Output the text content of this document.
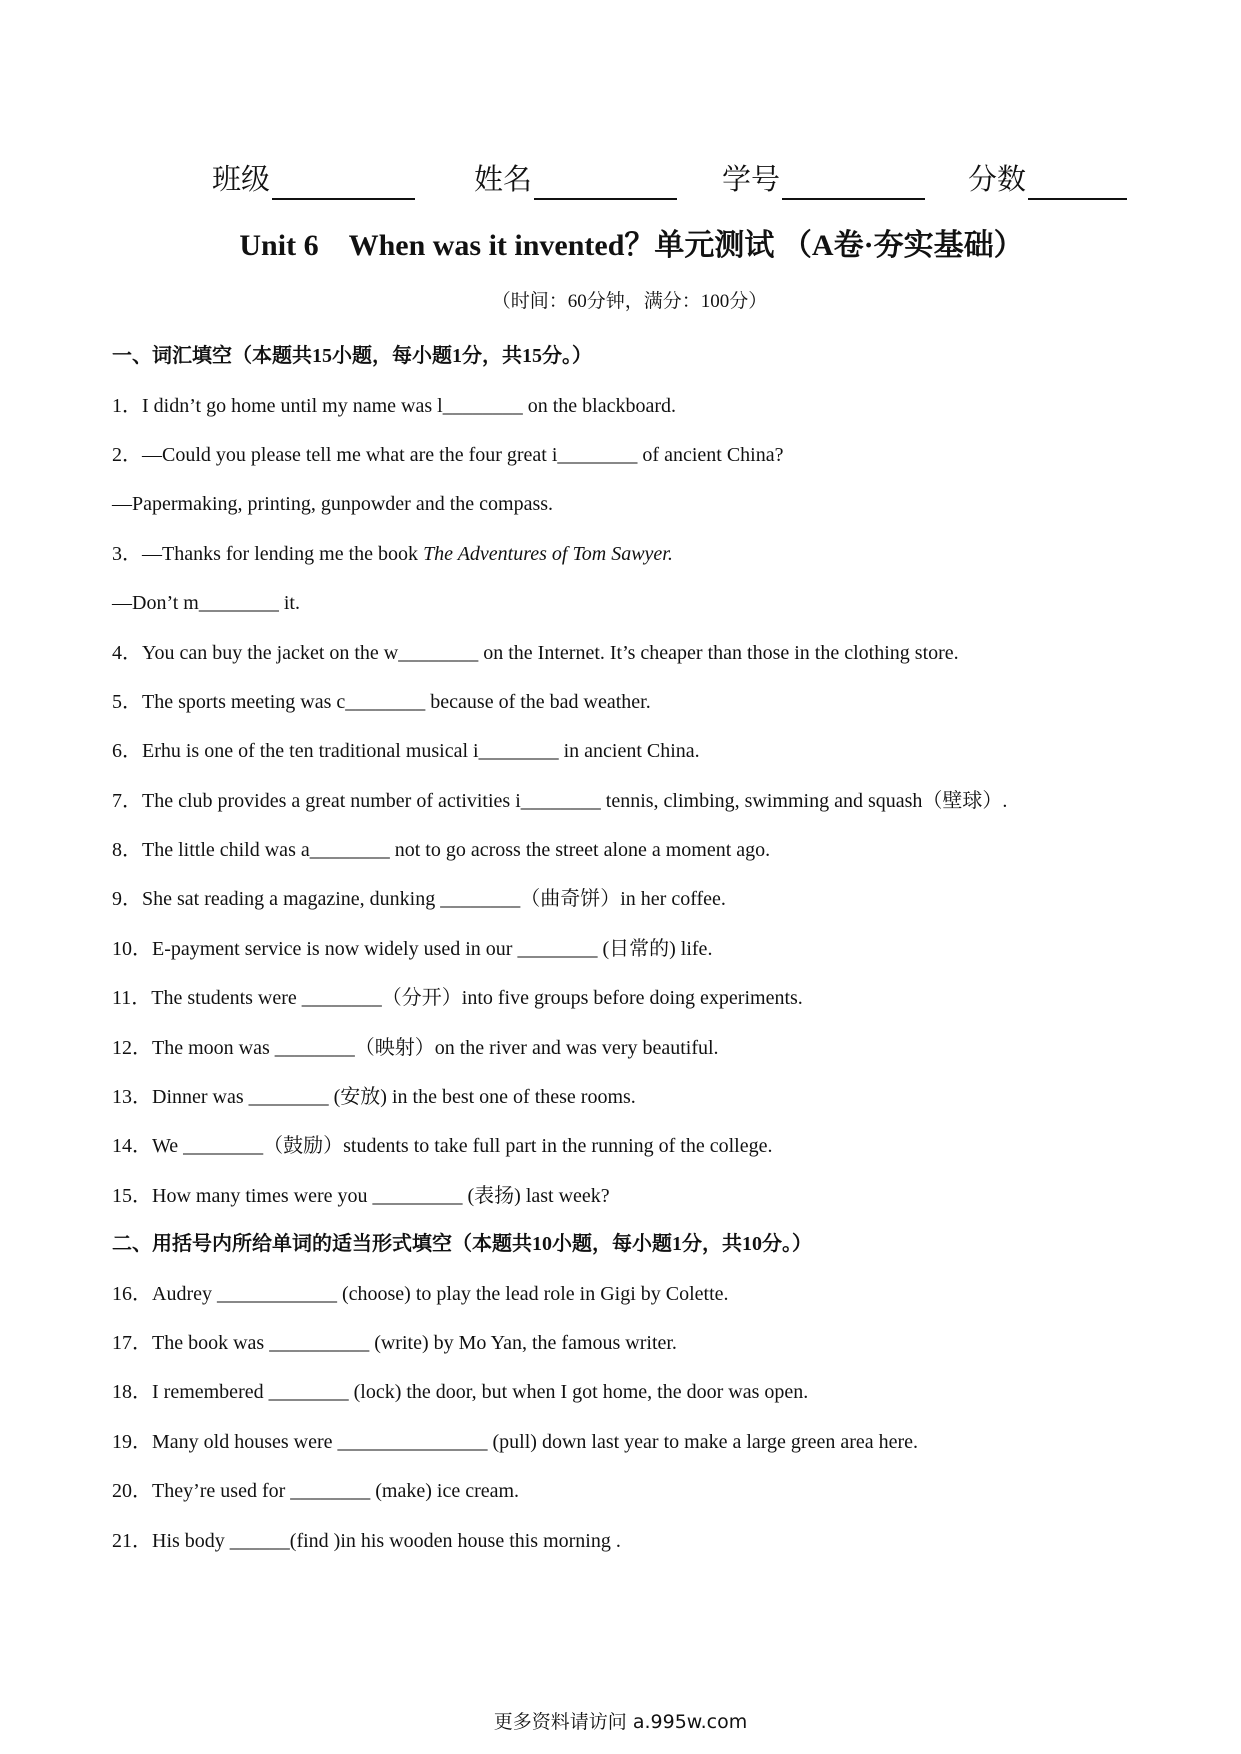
班级	姓名	学号	分数
Unit 6　When was it invented？单元测试 （A卷·夯实基础）
（时间：60分钟，满分：100分）
一、词汇填空（本题共15小题，每小题1分，共15分。）
1．I didn’t go home until my name was l________ on the blackboard.
2．—Could you please tell me what are the four great i________ of ancient China?
—Papermaking, printing, gunpowder and the compass.
3．—Thanks for lending me the book The Adventures of Tom Sawyer.
—Don’t m________ it.
4．You can buy the jacket on the w________ on the Internet. It’s cheaper than those in the clothing store.
5．The sports meeting was c________ because of the bad weather.
6．Erhu is one of the ten traditional musical i________ in ancient China.
7．The club provides a great number of activities i________ tennis, climbing, swimming and squash（壁球）.
8．The little child was a________ not to go across the street alone a moment ago.
9．She sat reading a magazine, dunking ________（曲奇饼）in her coffee.
10．E-payment service is now widely used in our ________ (日常的) life.
11．The students were ________（分开）into five groups before doing experiments.
12．The moon was ________（映射）on the river and was very beautiful.
13．Dinner was ________ (安放) in the best one of these rooms.
14．We ________（鼓励）students to take full part in the running of the college.
15．How many times were you _________ (表扬) last week?
二、用括号内所给单词的适当形式填空（本题共10小题，每小题1分，共10分。）
16．Audrey ____________ (choose) to play the lead role in Gigi by Colette.
17．The book was __________ (write) by Mo Yan, the famous writer.
18．I remembered ________ (lock) the door, but when I got home, the door was open.
19．Many old houses were _______________ (pull) down last year to make a large green area here.
20．They’re used for ________ (make) ice cream.
21．His body ______(find )in his wooden house this morning .
更多资料请访问 a.995w.com
